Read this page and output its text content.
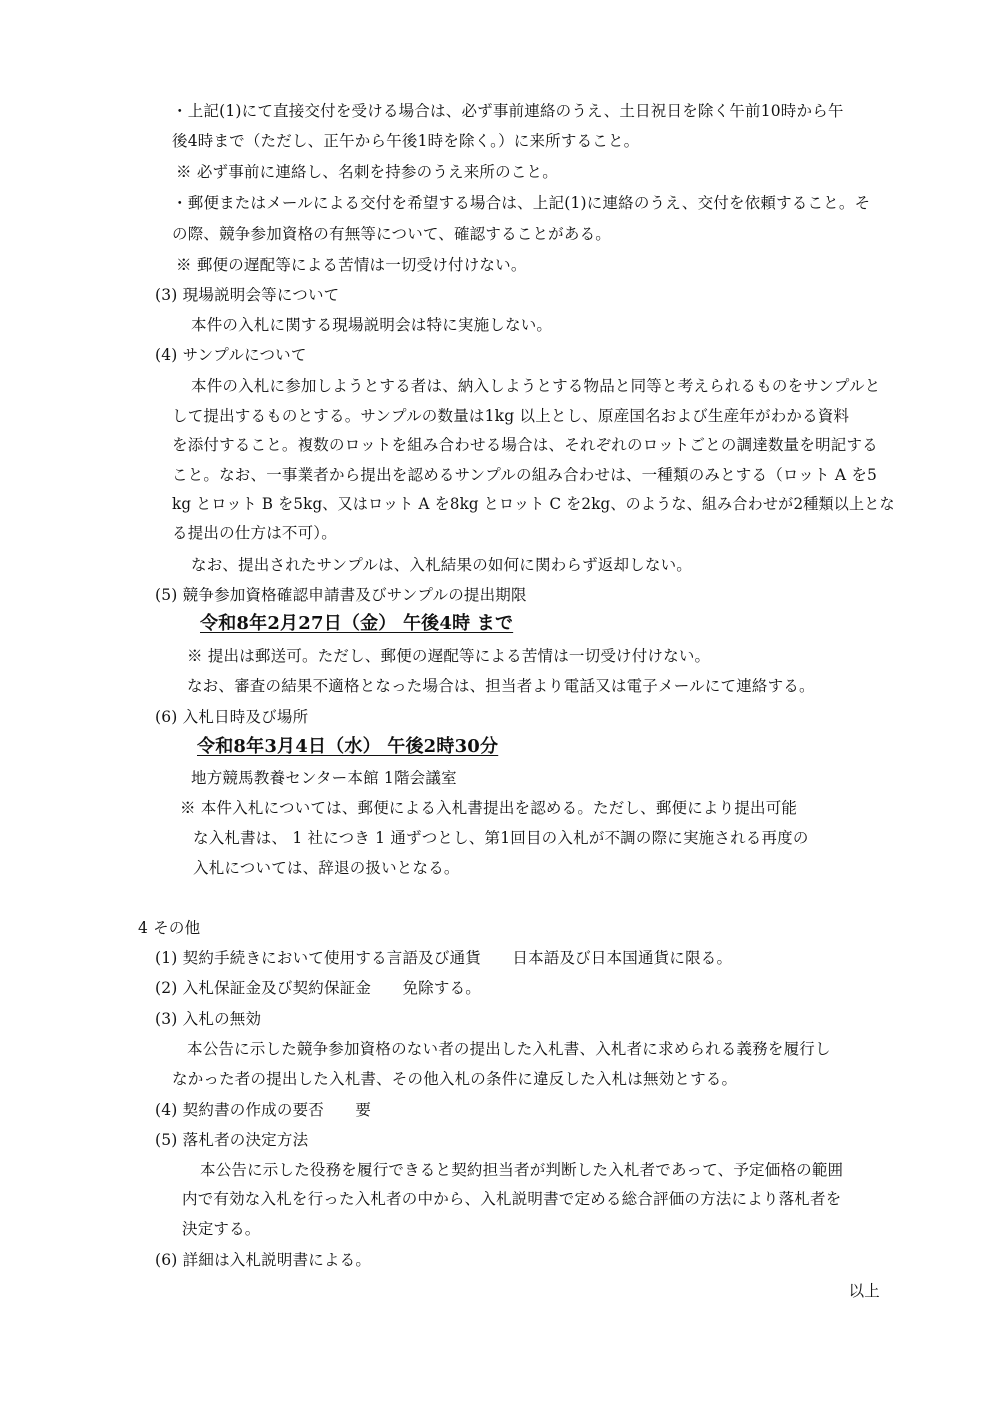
・上記(1)にて直接交付を受ける場合は、必ず事前連絡のうえ、土日祝日を除く午前10時から午
後4時まで（ただし、正午から午後1時を除く。）に来所すること。
※ 必ず事前に連絡し、名刺を持参のうえ来所のこと。
・郵便またはメールによる交付を希望する場合は、上記(1)に連絡のうえ、交付を依頼すること。そ
の際、競争参加資格の有無等について、確認することがある。
※ 郵便の遅配等による苦情は一切受け付けない。
(3) 現場説明会等について
本件の入札に関する現場説明会は特に実施しない。
(4) サンプルについて
本件の入札に参加しようとする者は、納入しようとする物品と同等と考えられるものをサンプルと
して提出するものとする。サンプルの数量は1kg 以上とし、原産国名および生産年がわかる資料
を添付すること。複数のロットを組み合わせる場合は、それぞれのロットごとの調達数量を明記する
こと。なお、一事業者から提出を認めるサンプルの組み合わせは、一種類のみとする（ロット A を5
kg とロット B を5kg、又はロット A を8kg とロット C を2kg、のような、組み合わせが2種類以上とな
る提出の仕方は不可）。
なお、提出されたサンプルは、入札結果の如何に関わらず返却しない。
(5) 競争参加資格確認申請書及びサンプルの提出期限
令和8年2月27日（金） 午後4時 まで
※ 提出は郵送可。ただし、郵便の遅配等による苦情は一切受け付けない。
なお、審査の結果不適格となった場合は、担当者より電話又は電子メールにて連絡する。
(6) 入札日時及び場所
令和8年3月4日（水） 午後2時30分
地方競馬教養センター本館 1階会議室
※ 本件入札については、郵便による入札書提出を認める。ただし、郵便により提出可能
な入札書は、 1 社につき 1 通ずつとし、第1回目の入札が不調の際に実施される再度の
入札については、辞退の扱いとなる。
4 その他
(1) 契約手続きにおいて使用する言語及び通貨　　日本語及び日本国通貨に限る。
(2) 入札保証金及び契約保証金　　免除する。
(3) 入札の無効
本公告に示した競争参加資格のない者の提出した入札書、入札者に求められる義務を履行し
なかった者の提出した入札書、その他入札の条件に違反した入札は無効とする。
(4) 契約書の作成の要否　　要
(5) 落札者の決定方法
本公告に示した役務を履行できると契約担当者が判断した入札者であって、予定価格の範囲
内で有効な入札を行った入札者の中から、入札説明書で定める総合評価の方法により落札者を
決定する。
(6) 詳細は入札説明書による。
以上
